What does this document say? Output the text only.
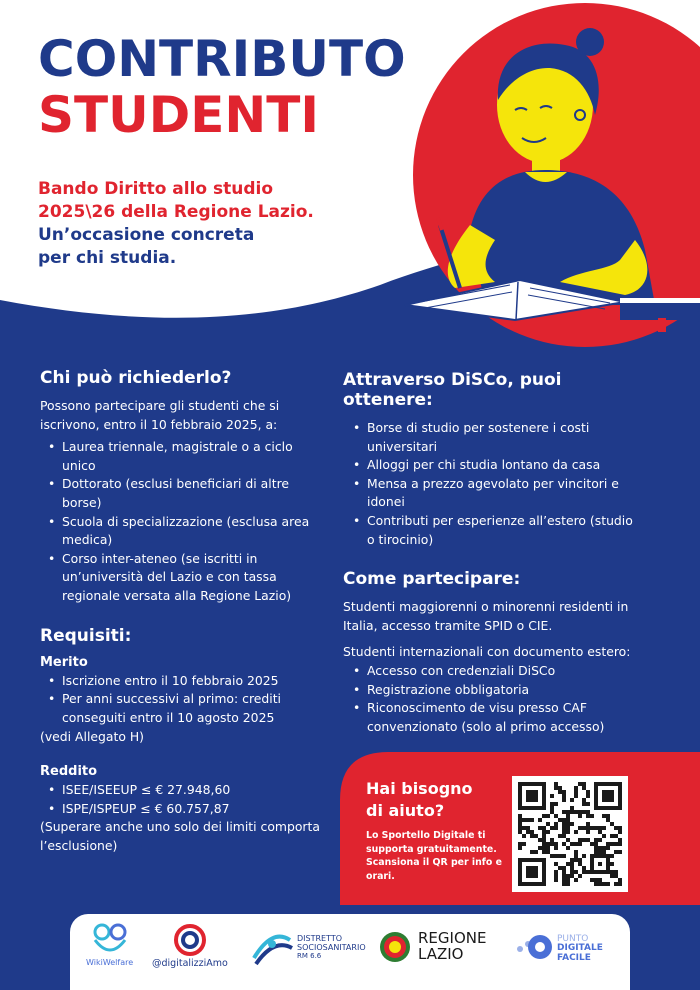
CONTRIBUTO
STUDENTI
Bando Diritto allo studio
2025\26 della Regione Lazio.
Un’occasione concreta
per chi studia.
Chi può richiederlo?

Possono partecipare gli studenti che si iscrivono, entro il 10 febbraio 2025, a:

• Laurea triennale, magistrale o a ciclo unico
• Dottorato (esclusi beneficiari di altre borse)
• Scuola di specializzazione (esclusa area medica)
• Corso inter-ateneo (se iscritti in un’università del Lazio e con tassa regionale versata alla Regione Lazio)
Requisiti:
Merito
• Iscrizione entro il 10 febbraio 2025
• Per anni successivi al primo: crediti conseguiti entro il 10 agosto 2025

(vedi Allegato H)

Reddito
• ISEE/ISEEUP ≤ € 27.948,60
• ISPE/ISPEUP ≤ € 60.757,87

(Superare anche uno solo dei limiti comporta l’esclusione)

Attraverso DiSCo, puoi ottenere:
• Borse di studio per sostenere i costi universitari
• Alloggi per chi studia lontano da casa
• Mensa a prezzo agevolato per vincitori e idonei
• Contributi per esperienze all’estero (studio o tirocinio)
Come partecipare:

Studenti maggiorenni o minorenni residenti in Italia, accesso tramite SPID o CIE.

Studenti internazionali con documento estero:

• Accesso con credenziali DiSCo
• Registrazione obbligatoria
• Riconoscimento de visu presso CAF convenzionato (solo al primo accesso)
Hai bisogno
di aiuto?
Lo Sportello Digitale ti supporta gratuitamente. Scansiona il QR per info e orari.
WikiWelfare @digitalizziAmo
DISTRETTO
SOCIOSANITARIO
RM 6.6
REGIONE
LAZIO
PUNTO
DIGITALE
FACILE
